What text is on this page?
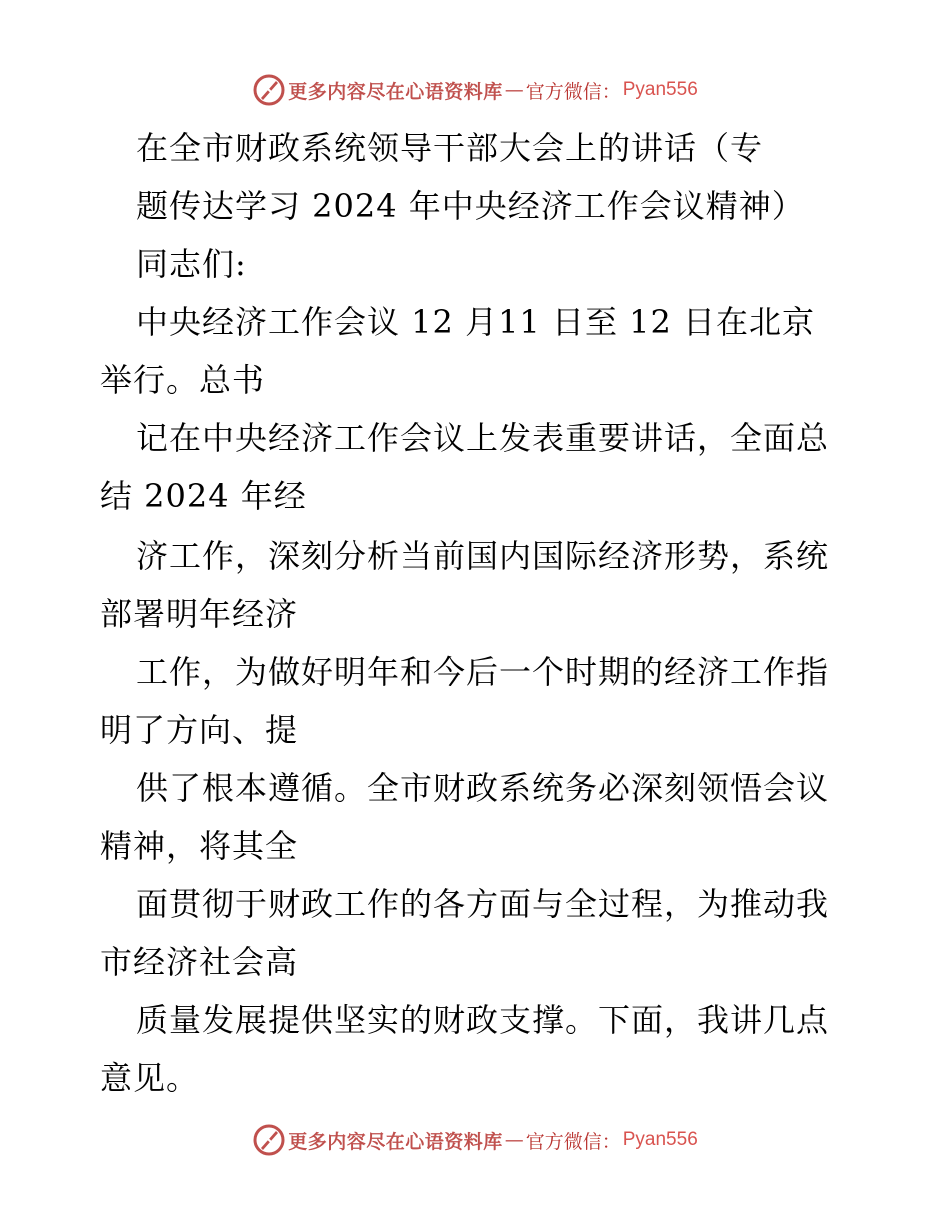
更多内容尽在心语资料库 — 官方微信： Pyan556
在全市财政系统领导干部大会上的讲话（专
题传达学习 2024 年中央经济工作会议精神）
同志们:
中央经济工作会议 12 月11 日至 12 日在北京
举行。总书
记在中央经济工作会议上发表重要讲话，全面总
结 2024 年经
济工作，深刻分析当前国内国际经济形势，系统
部署明年经济
工作，为做好明年和今后一个时期的经济工作指
明了方向、提
供了根本遵循。全市财政系统务必深刻领悟会议
精神，将其全
面贯彻于财政工作的各方面与全过程，为推动我
市经济社会高
质量发展提供坚实的财政支撑。下面，我讲几点
意见。
更多内容尽在心语资料库 — 官方微信： Pyan556
